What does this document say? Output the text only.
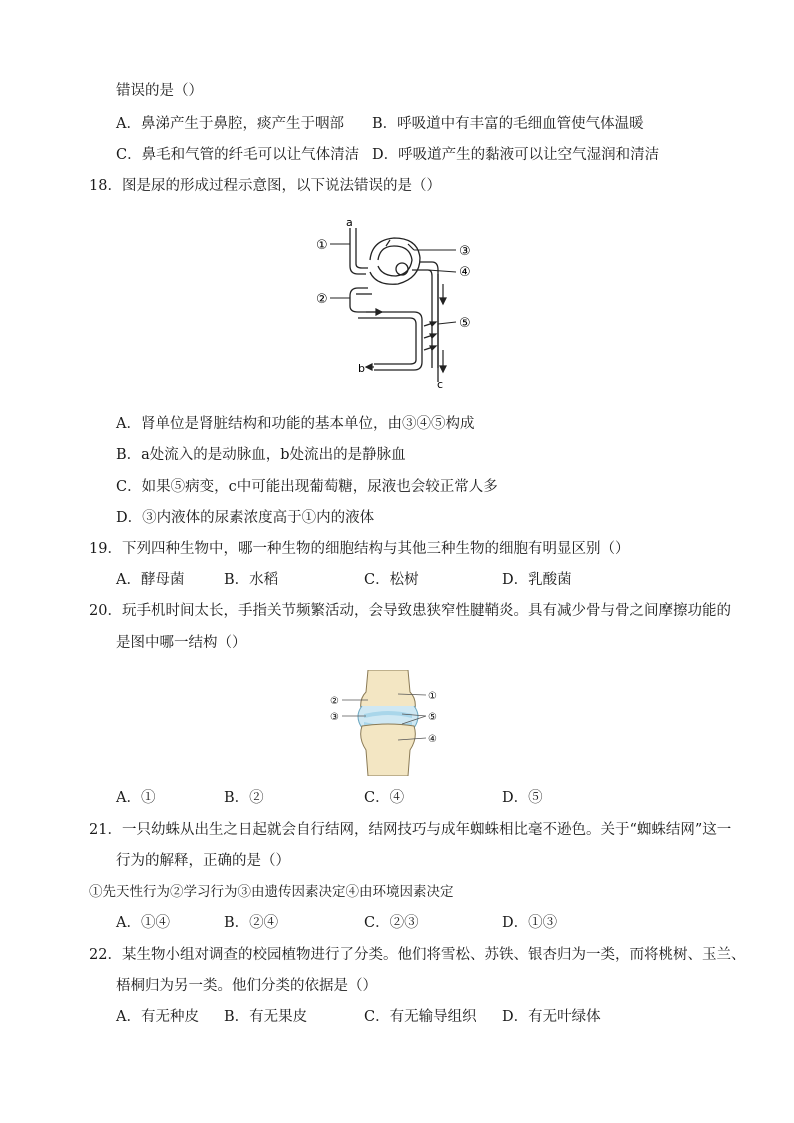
错误的是（）
A．鼻涕产生于鼻腔，痰产生于咽部 B．呼吸道中有丰富的毛细血管使气体温暖
C．鼻毛和气管的纤毛可以让气体清洁 D．呼吸道产生的黏液可以让空气湿润和清洁
18．图是尿的形成过程示意图，以下说法错误的是（）
a
①
②
③
④
⑤
b
c
A．肾单位是肾脏结构和功能的基本单位，由③④⑤构成
B．a处流入的是动脉血，b处流出的是静脉血
C．如果⑤病变，c中可能出现葡萄糖，尿液也会较正常人多
D．③内液体的尿素浓度高于①内的液体
19．下列四种生物中，哪一种生物的细胞结构与其他三种生物的细胞有明显区别（）
A．酵母菌	B．水稻	C．松树	D．乳酸菌
20．玩手机时间太长，手指关节频繁活动，会导致患狭窄性腱鞘炎。具有减少骨与骨之间摩擦功能的
是图中哪一结构（）
②
③
①
⑤
④
A．①	B．②	C．④	D．⑤
21．一只幼蛛从出生之日起就会自行结网，结网技巧与成年蜘蛛相比毫不逊色。关于“蜘蛛结网”这一
行为的解释，正确的是（）
①先天性行为②学习行为③由遗传因素决定④由环境因素决定
A．①④	B．②④	C．②③	D．①③
22．某生物小组对调查的校园植物进行了分类。他们将雪松、苏铁、银杏归为一类，而将桃树、玉兰、
梧桐归为另一类。他们分类的依据是（）
A．有无种皮 B．有无果皮	C．有无输导组织 D．有无叶绿体
